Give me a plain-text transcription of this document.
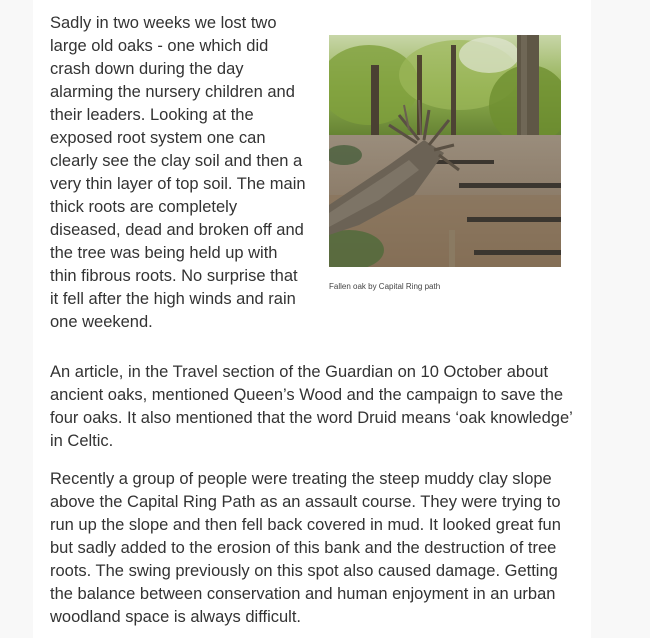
Sadly in two weeks we lost two large old oaks - one which did crash down during the day alarming the nursery children and their leaders. Looking at the exposed root system one can clearly see the clay soil and then a very thin layer of top soil. The main thick roots are completely diseased, dead and broken off and the tree was being held up with thin fibrous roots. No surprise that it fell after the high winds and rain one weekend.

Fallen oak by Capital Ring path

An article, in the Travel section of the Guardian on 10 October about ancient oaks, mentioned Queen’s Wood and the campaign to save the four oaks. It also mentioned that the word Druid means ‘oak knowledge’ in Celtic.

Recently a group of people were treating the steep muddy clay slope above the Capital Ring Path as an assault course. They were trying to run up the slope and then fell back covered in mud. It looked great fun but sadly added to the erosion of this bank and the destruction of tree roots. The swing previously on this spot also caused damage. Getting the balance between conservation and human enjoyment in an urban woodland space is always difficult.
